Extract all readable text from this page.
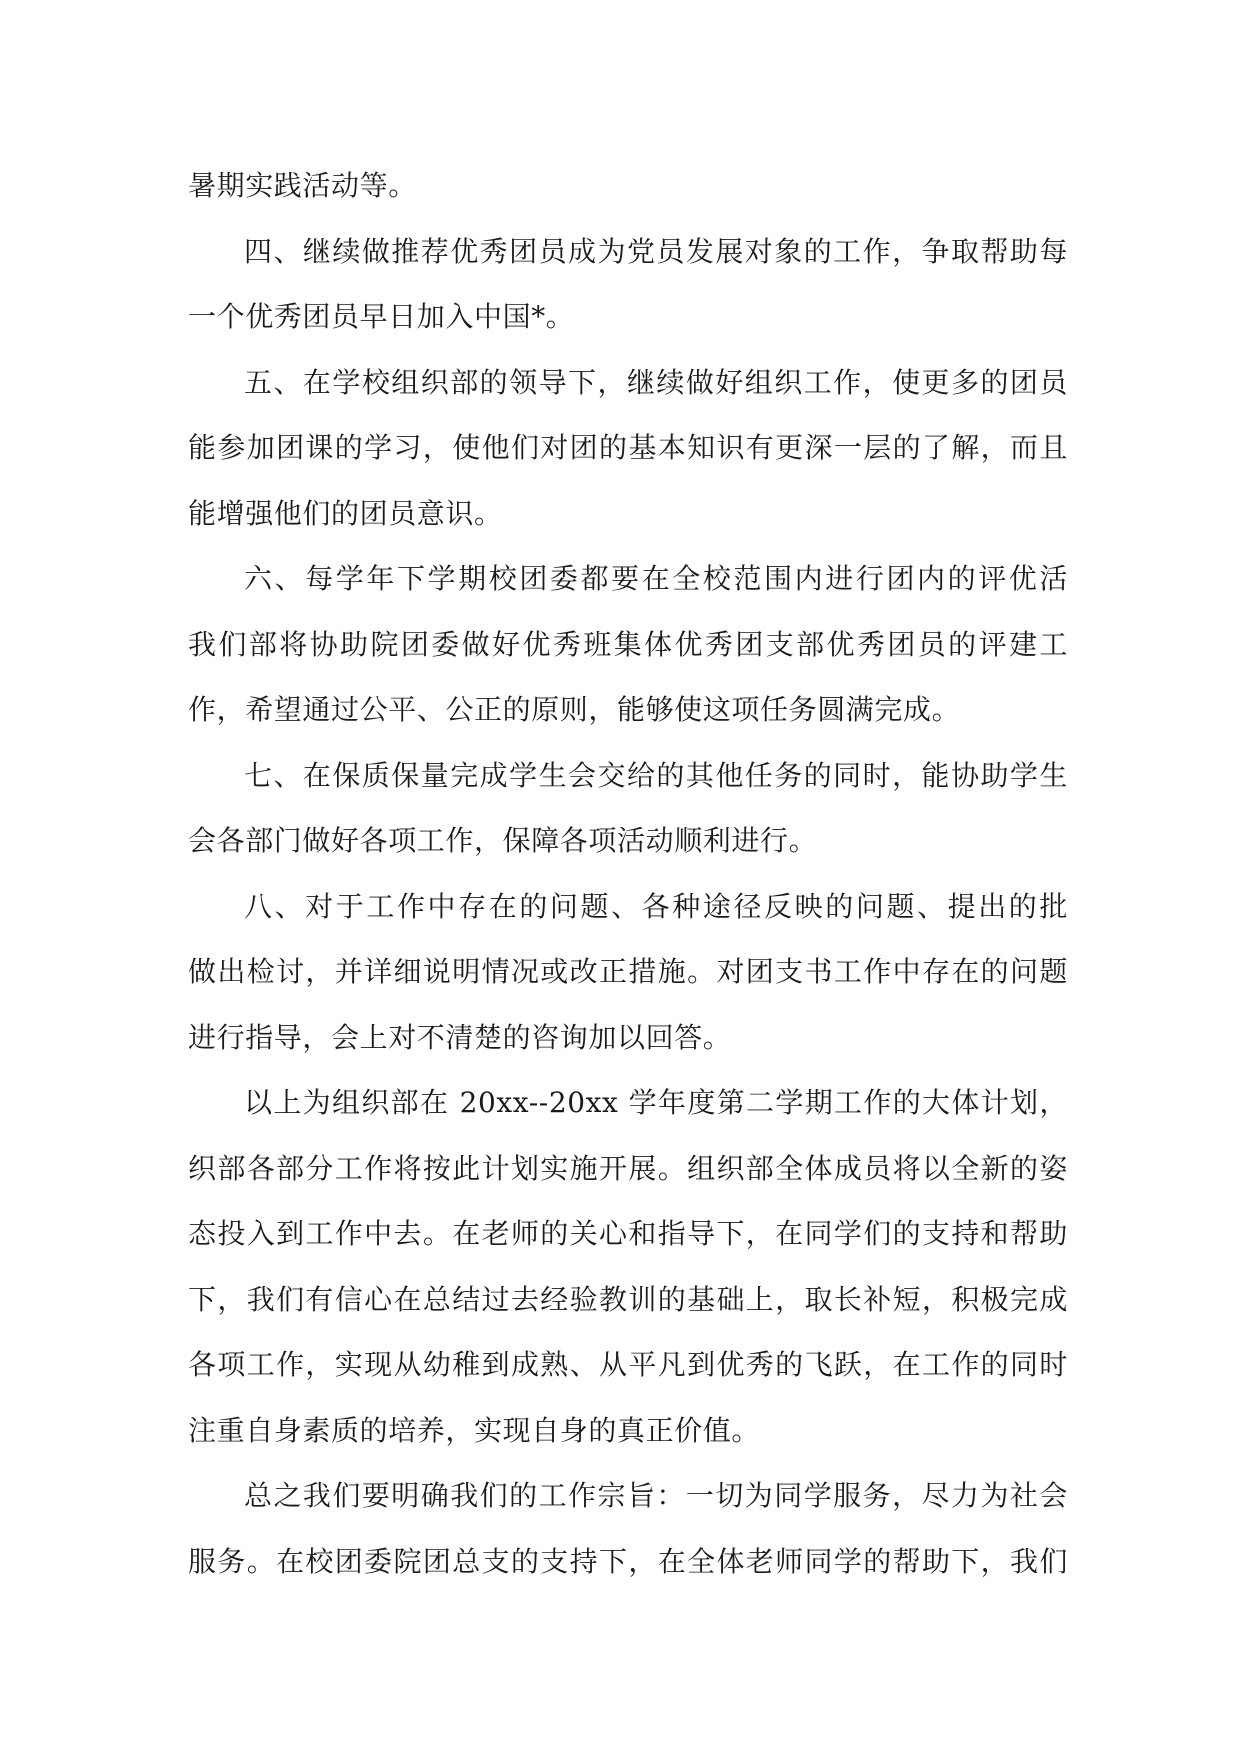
暑期实践活动等。
四、继续做推荐优秀团员成为党员发展对象的工作，争取帮助每
一个优秀团员早日加入中国*。
五、在学校组织部的领导下，继续做好组织工作，使更多的团员
能参加团课的学习，使他们对团的基本知识有更深一层的了解，而且
能增强他们的团员意识。
六、每学年下学期校团委都要在全校范围内进行团内的评优活
我们部将协助院团委做好优秀班集体优秀团支部优秀团员的评建工
作，希望通过公平、公正的原则，能够使这项任务圆满完成。
七、在保质保量完成学生会交给的其他任务的同时，能协助学生
会各部门做好各项工作，保障各项活动顺利进行。
八、对于工作中存在的问题、各种途径反映的问题、提出的批
做出检讨，并详细说明情况或改正措施。对团支书工作中存在的问题
进行指导，会上对不清楚的咨询加以回答。
以上为组织部在 20xx--20xx 学年度第二学期工作的大体计划，
织部各部分工作将按此计划实施开展。组织部全体成员将以全新的姿
态投入到工作中去。在老师的关心和指导下，在同学们的支持和帮助
下，我们有信心在总结过去经验教训的基础上，取长补短，积极完成
各项工作，实现从幼稚到成熟、从平凡到优秀的飞跃，在工作的同时
注重自身素质的培养，实现自身的真正价值。
总之我们要明确我们的工作宗旨：一切为同学服务，尽力为社会
服务。在校团委院团总支的支持下，在全体老师同学的帮助下，我们
